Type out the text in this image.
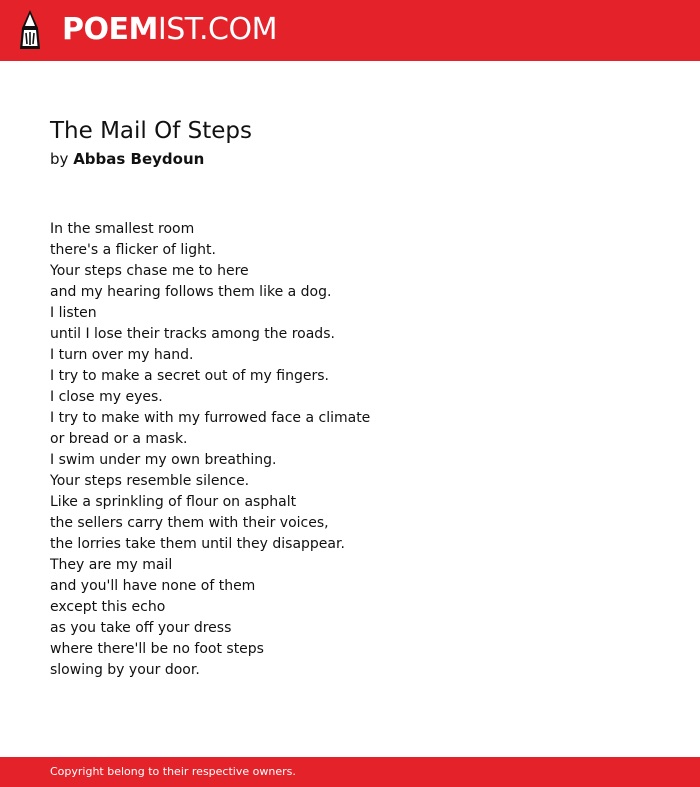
POEMIST.COM
The Mail Of Steps
by Abbas Beydoun
In the smallest room
there's a flicker of light.
Your steps chase me to here
and my hearing follows them like a dog.
I listen
until I lose their tracks among the roads.
I turn over my hand.
I try to make a secret out of my fingers.
I close my eyes.
I try to make with my furrowed face a climate
or bread or a mask.
I swim under my own breathing.
Your steps resemble silence.
Like a sprinkling of flour on asphalt
the sellers carry them with their voices,
the lorries take them until they disappear.
They are my mail
and you'll have none of them
except this echo
as you take off your dress
where there'll be no foot steps
slowing by your door.
Copyright belong to their respective owners.
